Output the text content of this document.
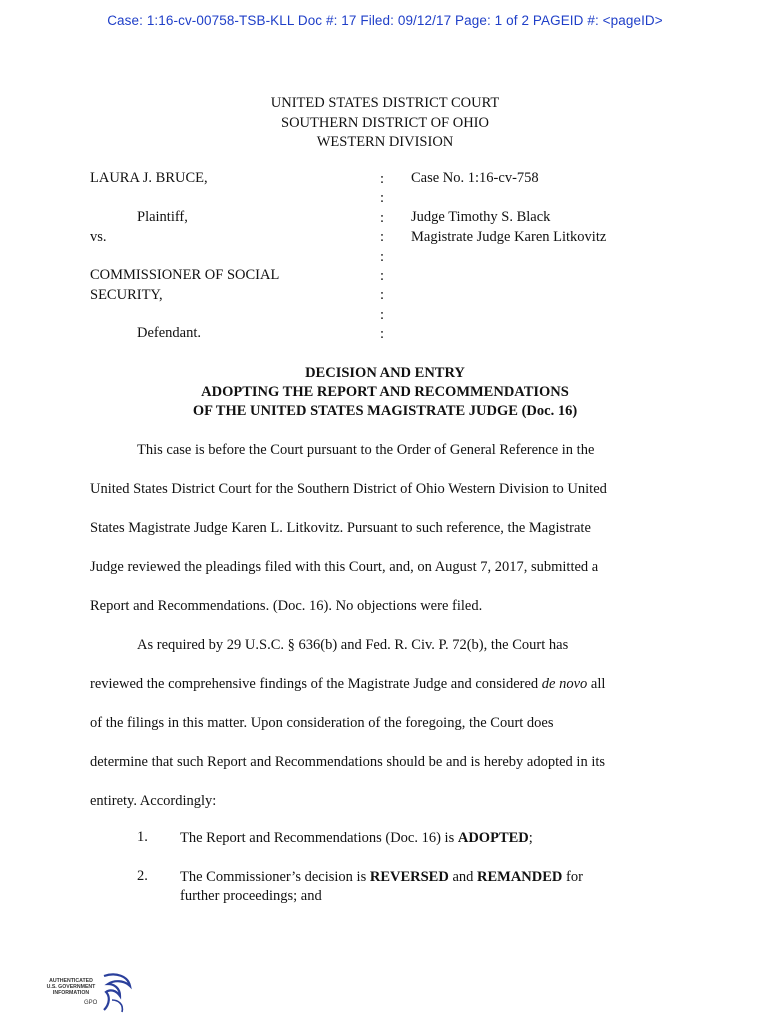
Case: 1:16-cv-00758-TSB-KLL Doc #: 17 Filed: 09/12/17 Page: 1 of 2 PAGEID #: <pageID>
UNITED STATES DISTRICT COURT
SOUTHERN DISTRICT OF OHIO
WESTERN DIVISION
LAURA J. BRUCE,
Plaintiff,
vs.
COMMISSIONER OF SOCIAL
SECURITY,
Defendant.
:
:
:
:
:
:
:
:
:
Case No. 1:16-cv-758
Judge Timothy S. Black
Magistrate Judge Karen Litkovitz
DECISION AND ENTRY
ADOPTING THE REPORT AND RECOMMENDATIONS
OF THE UNITED STATES MAGISTRATE JUDGE (Doc. 16)
This case is before the Court pursuant to the Order of General Reference in the
United States District Court for the Southern District of Ohio Western Division to United
States Magistrate Judge Karen L. Litkovitz. Pursuant to such reference, the Magistrate
Judge reviewed the pleadings filed with this Court, and, on August 7, 2017, submitted a
Report and Recommendations. (Doc. 16). No objections were filed.
As required by 29 U.S.C. § 636(b) and Fed. R. Civ. P. 72(b), the Court has
reviewed the comprehensive findings of the Magistrate Judge and considered de novo all
of the filings in this matter. Upon consideration of the foregoing, the Court does
determine that such Report and Recommendations should be and is hereby adopted in its
entirety. Accordingly:
1. The Report and Recommendations (Doc. 16) is ADOPTED;
2. The Commissioner’s decision is REVERSED and REMANDED for
further proceedings; and
AUTHENTICATED
U.S. GOVERNMENT
INFORMATION
GPO
